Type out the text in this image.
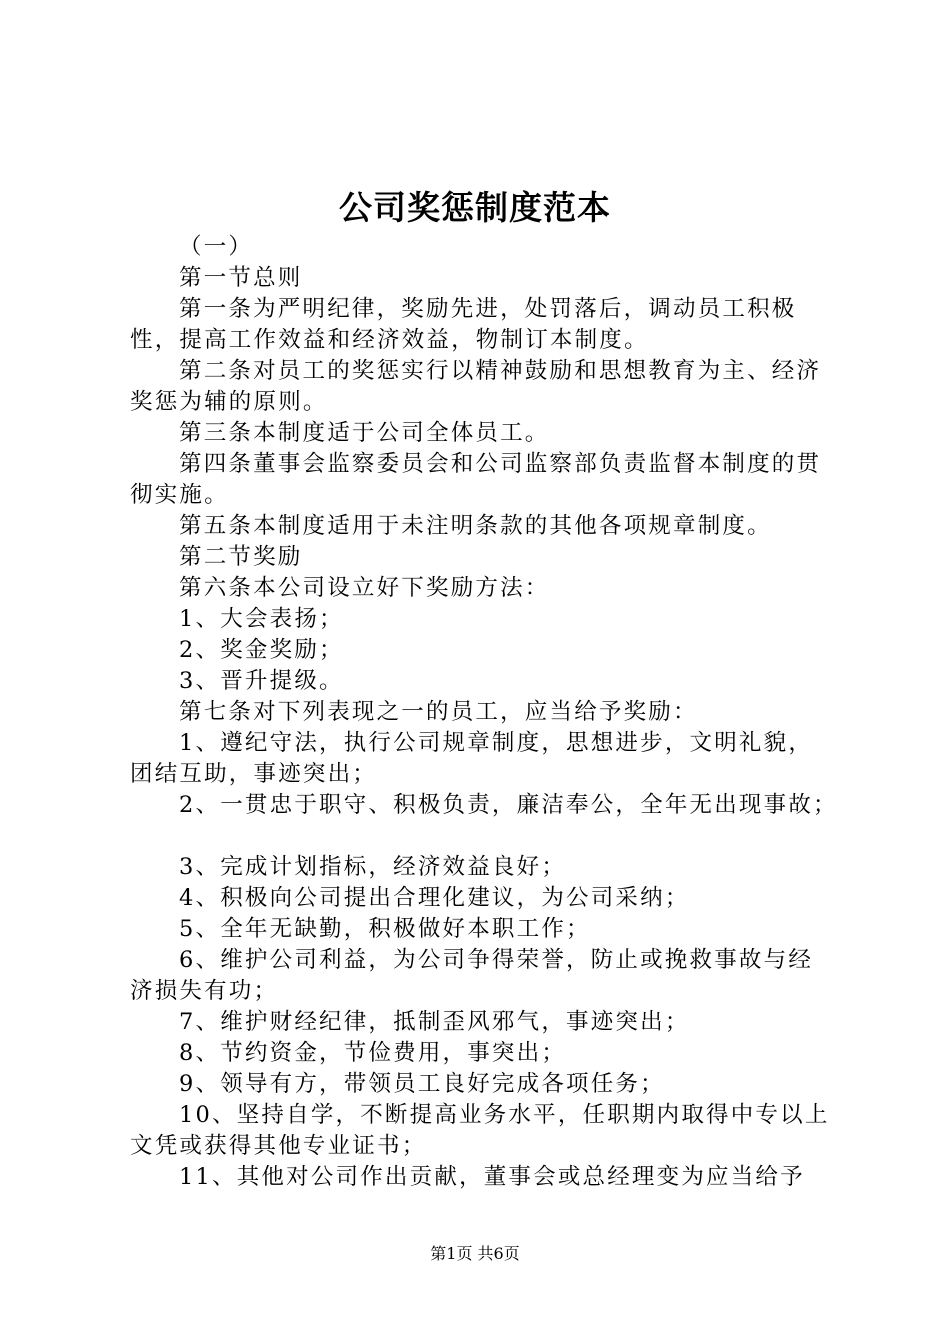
公司奖惩制度范本

（一）

第一节总则

第一条为严明纪律，奖励先进，处罚落后，调动员工积极性，提高工作效益和经济效益，物制订本制度。

第二条对员工的奖惩实行以精神鼓励和思想教育为主、经济奖惩为辅的原则。

第三条本制度适于公司全体员工。

第四条董事会监察委员会和公司监察部负责监督本制度的贯彻实施。

第五条本制度适用于未注明条款的其他各项规章制度。

第二节奖励

第六条本公司设立好下奖励方法：

1、大会表扬；

2、奖金奖励；

3、晋升提级。

第七条对下列表现之一的员工，应当给予奖励：

1、遵纪守法，执行公司规章制度，思想进步，文明礼貌，团结互助，事迹突出；

2、一贯忠于职守、积极负责，廉洁奉公，全年无出现事故；

3、完成计划指标，经济效益良好；

4、积极向公司提出合理化建议，为公司采纳；

5、全年无缺勤，积极做好本职工作；

6、维护公司利益，为公司争得荣誉，防止或挽救事故与经济损失有功；

7、维护财经纪律，抵制歪风邪气，事迹突出；

8、节约资金，节俭费用，事突出；

9、领导有方，带领员工良好完成各项任务；

10、坚持自学，不断提高业务水平，任职期内取得中专以上文凭或获得其他专业证书；

11、其他对公司作出贡献，董事会或总经理变为应当给予

第1页 共6页
